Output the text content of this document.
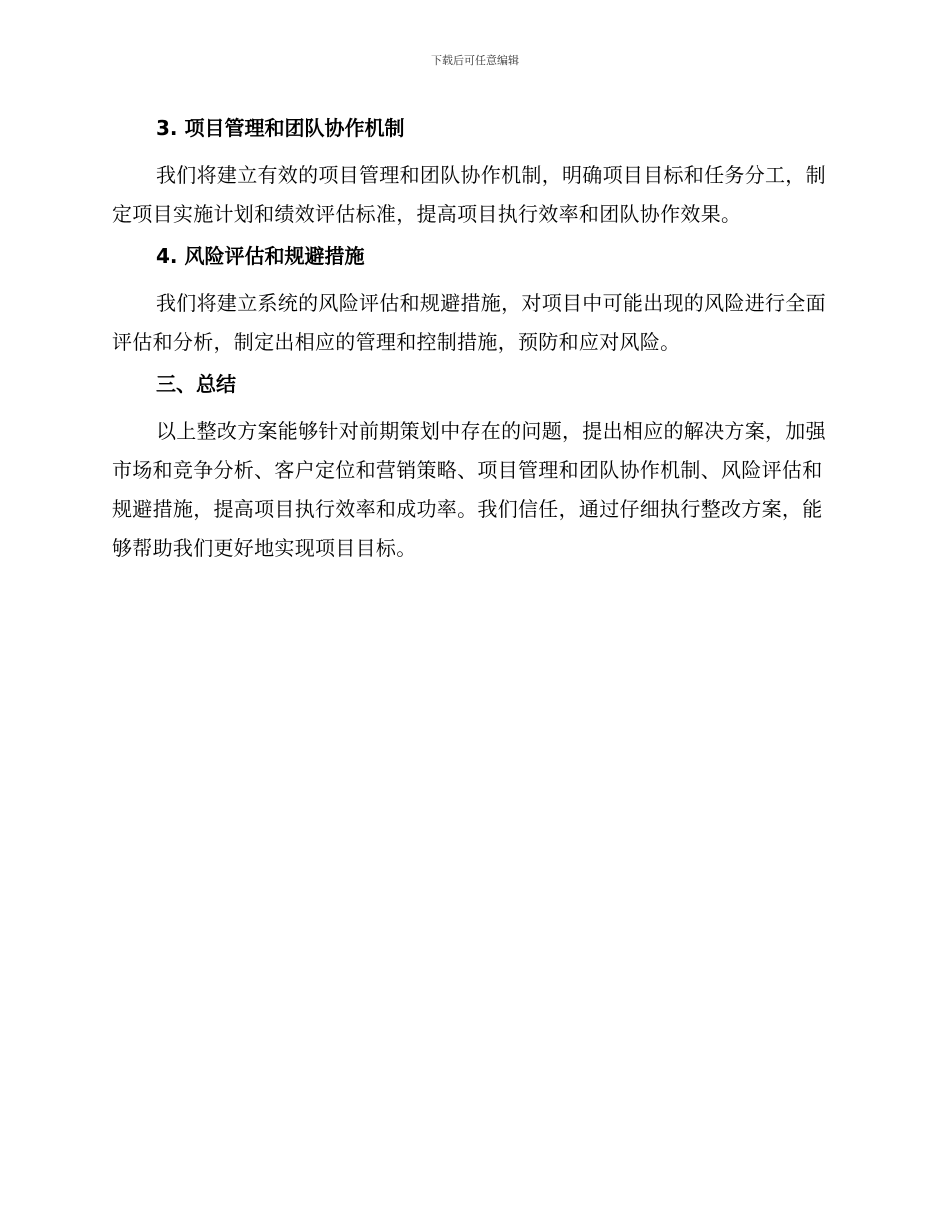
下载后可任意编辑
3. 项目管理和团队协作机制

我们将建立有效的项目管理和团队协作机制，明确项目目标和任务分工，制定项目实施计划和绩效评估标准，提高项目执行效率和团队协作效果。

4. 风险评估和规避措施

我们将建立系统的风险评估和规避措施，对项目中可能出现的风险进行全面评估和分析，制定出相应的管理和控制措施，预防和应对风险。

三、总结

以上整改方案能够针对前期策划中存在的问题，提出相应的解决方案，加强市场和竞争分析、客户定位和营销策略、项目管理和团队协作机制、风险评估和规避措施，提高项目执行效率和成功率。我们信任，通过仔细执行整改方案，能够帮助我们更好地实现项目目标。
